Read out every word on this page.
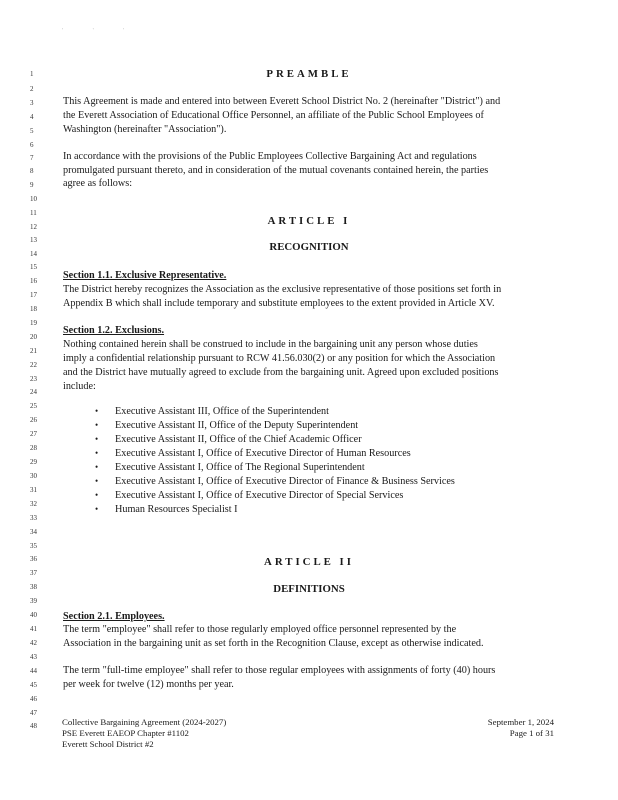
' ' '
1
2
3
4
5
6
7
8
9
10
11
12
13
14
15
16
17
18
19
20
21
22
23
24
25
26
27
28
29
30
31
32
33
34
35
36
37
38
39
40
41
42
43
44
45
46
47
48
PREAMBLE
This Agreement is made and entered into between Everett School District No. 2 (hereinafter "District") and
the Everett Association of Educational Office Personnel, an affiliate of the Public School Employees of
Washington (hereinafter "Association").
In accordance with the provisions of the Public Employees Collective Bargaining Act and regulations
promulgated pursuant thereto, and in consideration of the mutual covenants contained herein, the parties
agree as follows:
ARTICLE I
RECOGNITION
Section 1.1. Exclusive Representative.
The District hereby recognizes the Association as the exclusive representative of those positions set forth in
Appendix B which shall include temporary and substitute employees to the extent provided in Article XV.
Section 1.2. Exclusions.
Nothing contained herein shall be construed to include in the bargaining unit any person whose duties
imply a confidential relationship pursuant to RCW 41.56.030(2) or any position for which the Association
and the District have mutually agreed to exclude from the bargaining unit. Agreed upon excluded positions
include:
• Executive Assistant III, Office of the Superintendent
• Executive Assistant II, Office of the Deputy Superintendent
• Executive Assistant II, Office of the Chief Academic Officer
• Executive Assistant I, Office of Executive Director of Human Resources
• Executive Assistant I, Office of The Regional Superintendent
• Executive Assistant I, Office of Executive Director of Finance & Business Services
• Executive Assistant I, Office of Executive Director of Special Services
• Human Resources Specialist I
ARTICLE II
DEFINITIONS
Section 2.1. Employees.
The term "employee" shall refer to those regularly employed office personnel represented by the
Association in the bargaining unit as set forth in the Recognition Clause, except as otherwise indicated.
The term "full-time employee" shall refer to those regular employees with assignments of forty (40) hours
per week for twelve (12) months per year.
Collective Bargaining Agreement (2024-2027)
PSE Everett EAEOP Chapter #1102
Everett School District #2
September 1, 2024
Page 1 of 31
